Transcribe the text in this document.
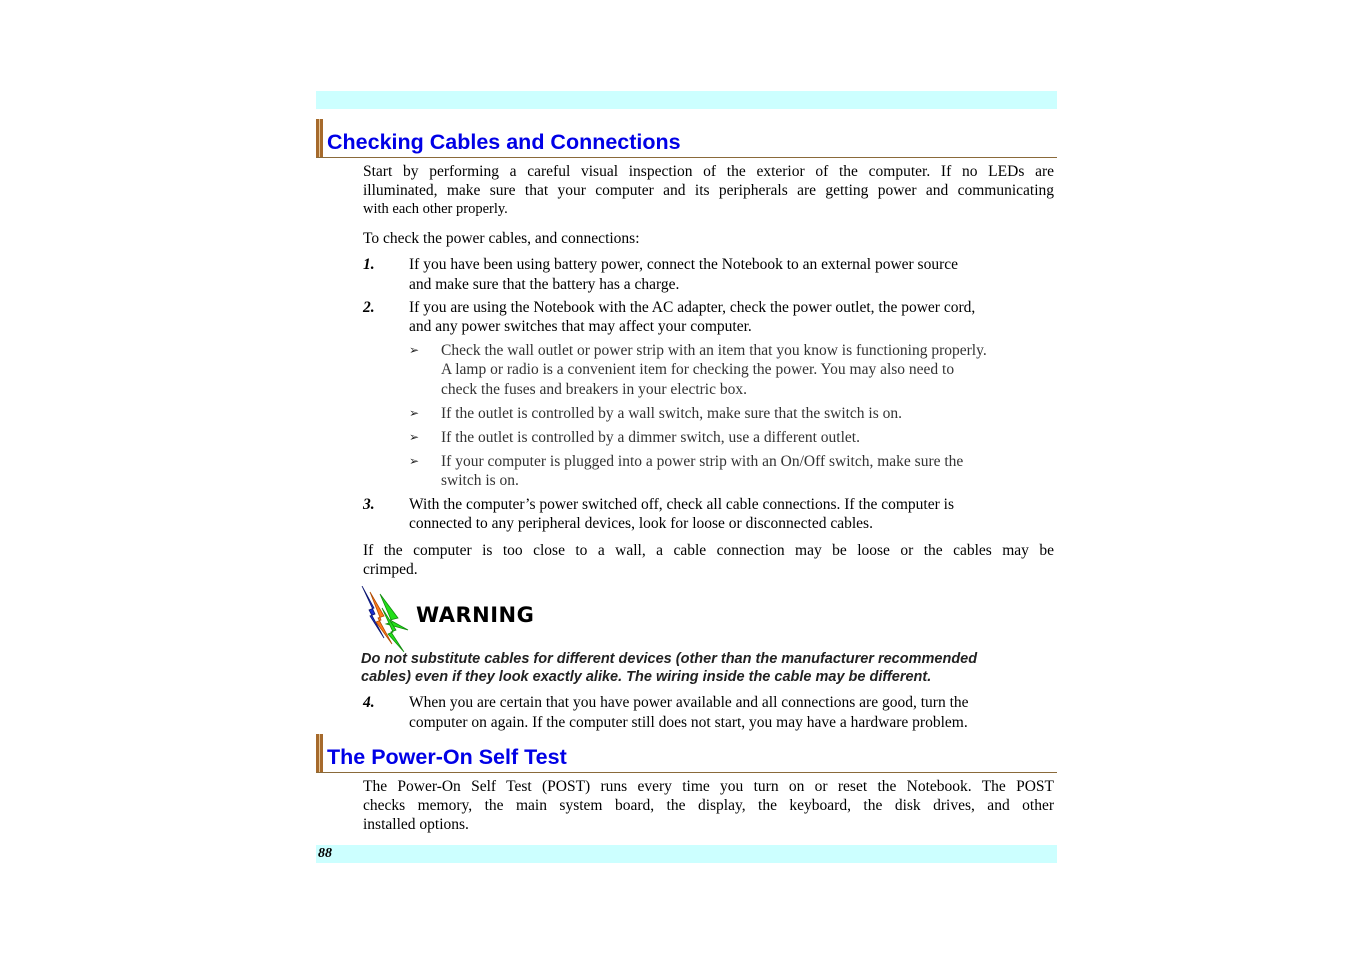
Checking Cables and Connections
Start by performing a careful visual inspection of the exterior of the computer. If no LEDs are
illuminated, make sure that your computer and its peripherals are getting power and communicating
with each other properly.
To check the power cables, and connections:
1. If you have been using battery power, connect the Notebook to an external power source
and make sure that the battery has a charge.
2. If you are using the Notebook with the AC adapter, check the power outlet, the power cord,
and any power switches that may affect your computer.
➢ Check the wall outlet or power strip with an item that you know is functioning properly.
A lamp or radio is a convenient item for checking the power. You may also need to
check the fuses and breakers in your electric box.
➢ If the outlet is controlled by a wall switch, make sure that the switch is on.
➢ If the outlet is controlled by a dimmer switch, use a different outlet.
➢ If your computer is plugged into a power strip with an On/Off switch, make sure the
switch is on.
3. With the computer’s power switched off, check all cable connections. If the computer is
connected to any peripheral devices, look for loose or disconnected cables.
If the computer is too close to a wall, a cable connection may be loose or the cables may be
crimped.
WARNING
Do not substitute cables for different devices (other than the manufacturer recommended
cables) even if they look exactly alike. The wiring inside the cable may be different.
4. When you are certain that you have power available and all connections are good, turn the
computer on again. If the computer still does not start, you may have a hardware problem.
The Power-On Self Test
The Power-On Self Test (POST) runs every time you turn on or reset the Notebook. The POST
checks memory, the main system board, the display, the keyboard, the disk drives, and other
installed options.
88
